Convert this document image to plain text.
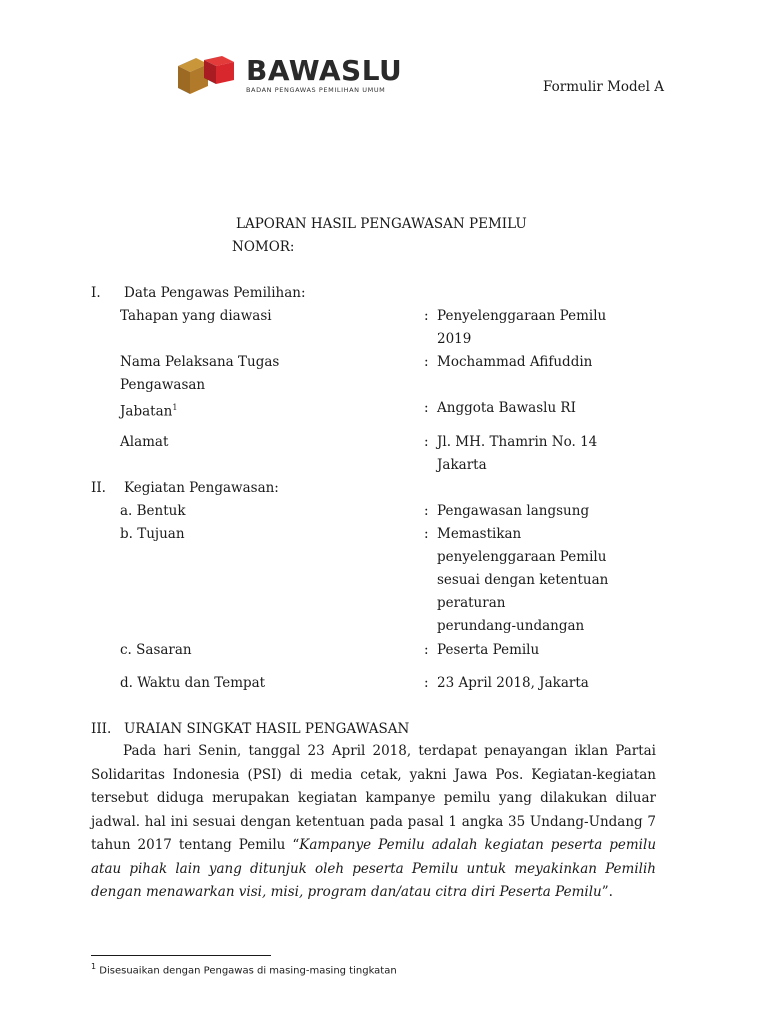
BAWASLU
BADAN PENGAWAS PEMILIHAN UMUM	Formulir Model A
LAPORAN HASIL PENGAWASAN PEMILU
NOMOR:
I. Data Pengawas Pemilihan:
Tahapan yang diawasi	: Penyelenggaraan Pemilu
2019
Nama Pelaksana Tugas
Pengawasan
: Mochammad Afifuddin
Jabatan$^1$	: Anggota Bawaslu RI
Alamat	: Jl. MH. Thamrin No. 14
Jakarta
II. Kegiatan Pengawasan:
a. Bentuk	: Pengawasan langsung
b. Tujuan	: Memastikan
penyelenggaraan Pemilu
sesuai dengan ketentuan
peraturan
perundang-undangan
c. Sasaran	: Peserta Pemilu
d. Waktu dan Tempat	: 23 April 2018, Jakarta
III. URAIAN SINGKAT HASIL PENGAWASAN
Pada hari Senin, tanggal 23 April 2018, terdapat penayangan iklan Partai Solidaritas Indonesia (PSI) di media cetak, yakni Jawa Pos. Kegiatan-kegiatan tersebut diduga merupakan kegiatan kampanye pemilu yang dilakukan diluar jadwal. hal ini sesuai dengan ketentuan pada pasal 1 angka 35 Undang-Undang 7 tahun 2017 tentang Pemilu “Kampanye Pemilu adalah kegiatan peserta pemilu atau pihak lain yang ditunjuk oleh peserta Pemilu untuk meyakinkan Pemilih dengan menawarkan visi, misi, program dan/atau citra diri Peserta Pemilu”.
$^1$ Disesuaikan dengan Pengawas di masing-masing tingkatan
